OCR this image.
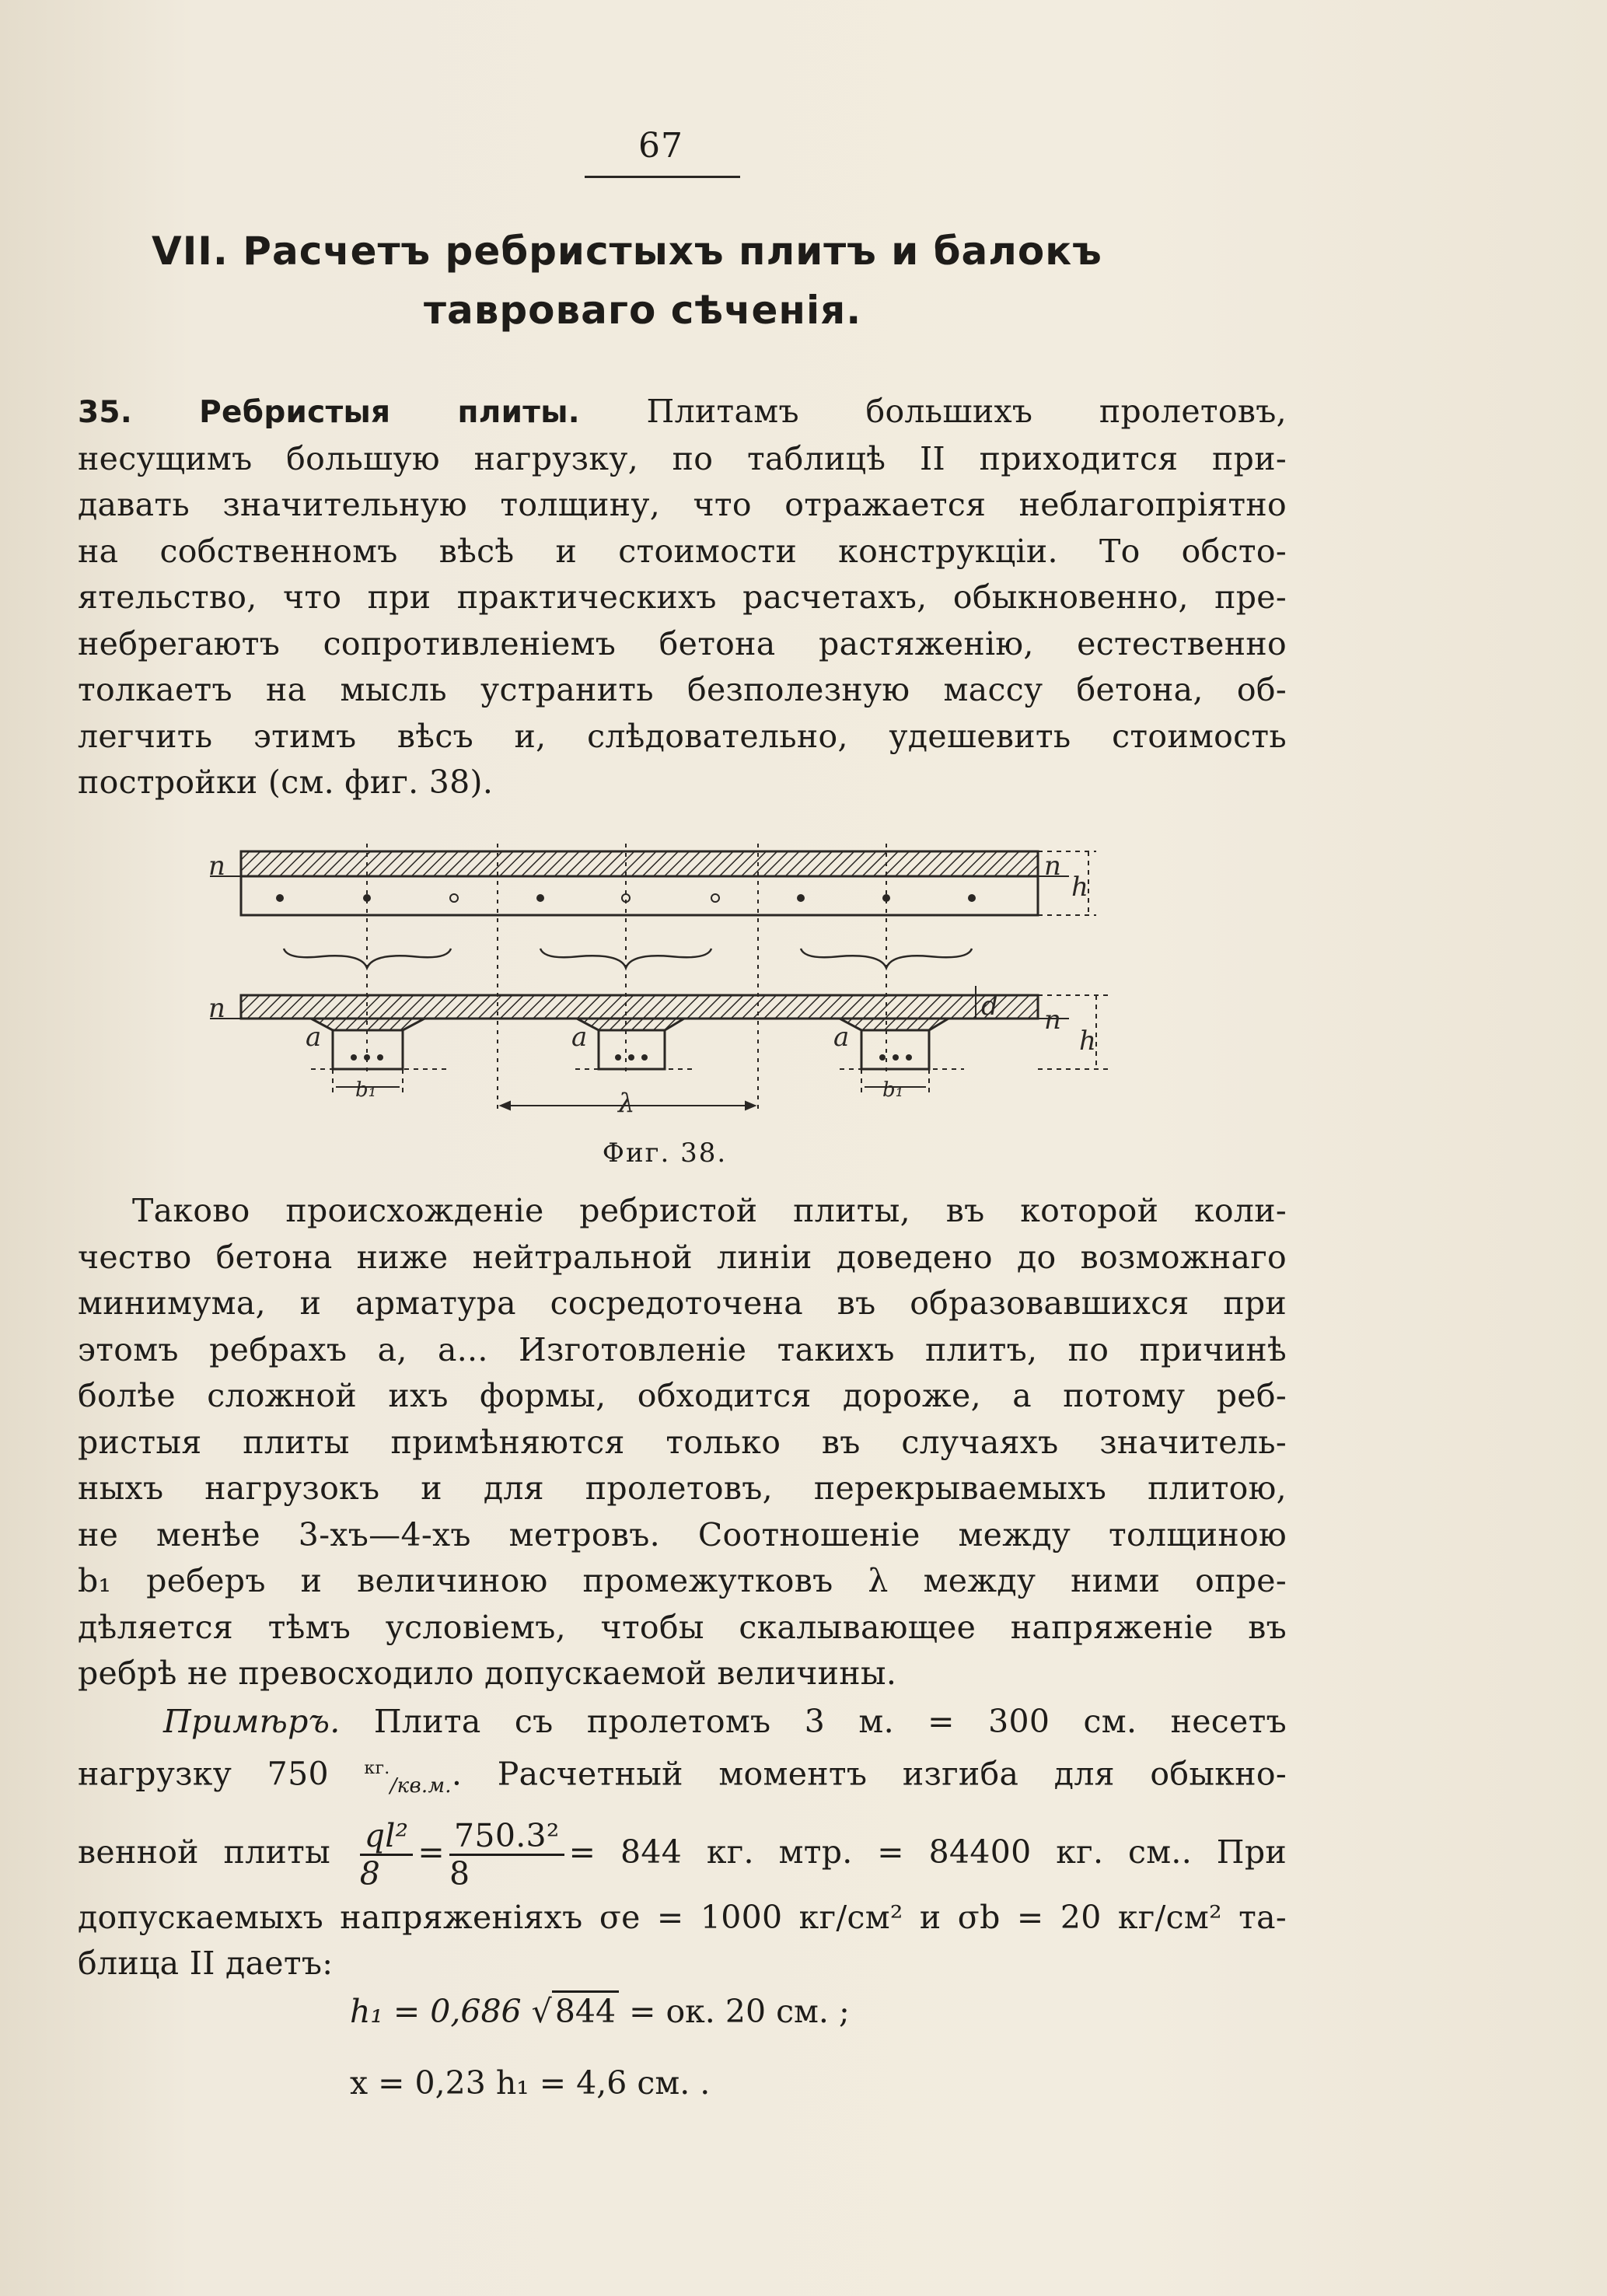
67
VII. Расчетъ ребристыхъ плитъ и балокъ
тавроваго сѣченія.
35. Ребристыя плиты. Плитамъ большихъ пролетовъ,
несущимъ большую нагрузку, по таблицѣ II приходится при-
давать значительную толщину, что отражается неблагопріятно
на собственномъ вѣсѣ и стоимости конструкціи. То обсто-
ятельство, что при практическихъ расчетахъ, обыкновенно, пре-
небрегаютъ сопротивленіемъ бетона растяженію, естественно
толкаетъ на мысль устранить безполезную массу бетона, об-
легчить этимъ вѣсъ и, слѣдовательно, удешевить стоимость
постройки (см. фиг. 38).
n	n
h
n	n
h
d
a	a	a
b₁	b₁
λ
Фиг. 38.
Таково происхожденіе ребристой плиты, въ которой коли-
чество бетона ниже нейтральной линіи доведено до возможнаго
минимума, и арматура сосредоточена въ образовавшихся при
этомъ ребрахъ a, a... Изготовленіе такихъ плитъ, по причинѣ
болѣе сложной ихъ формы, обходится дороже, а потому реб-
ристыя плиты примѣняются только въ случаяхъ значитель-
ныхъ нагрузокъ и для пролетовъ, перекрываемыхъ плитою,
не менѣе 3-хъ—4-хъ метровъ. Соотношеніе между толщиною
b₁ реберъ и величиною промежутковъ λ между ними опре-
дѣляется тѣмъ условіемъ, чтобы скалывающее напряженіе въ
ребрѣ не превосходило допускаемой величины.
Примѣръ. Плита съ пролетомъ 3 м. = 300 см. несетъ
нагрузку 750 $^{кг.}_{/кв.м.}$. Расчетный моментъ изгиба для обыкно-
венной плиты $\frac{\text{ql²}}{8} = \frac{\text{750.3²}}{8} = 844$ кг. мтр. = 84400 кг. см.. При
допускаемыхъ напряженіяхъ σe = 1000 кг/см² и σb = 20 кг/см² та-
блица II даетъ:
h₁ = 0,686 √844 = ок. 20 см. ;
x = 0,23 h₁ = 4,6 см. .
